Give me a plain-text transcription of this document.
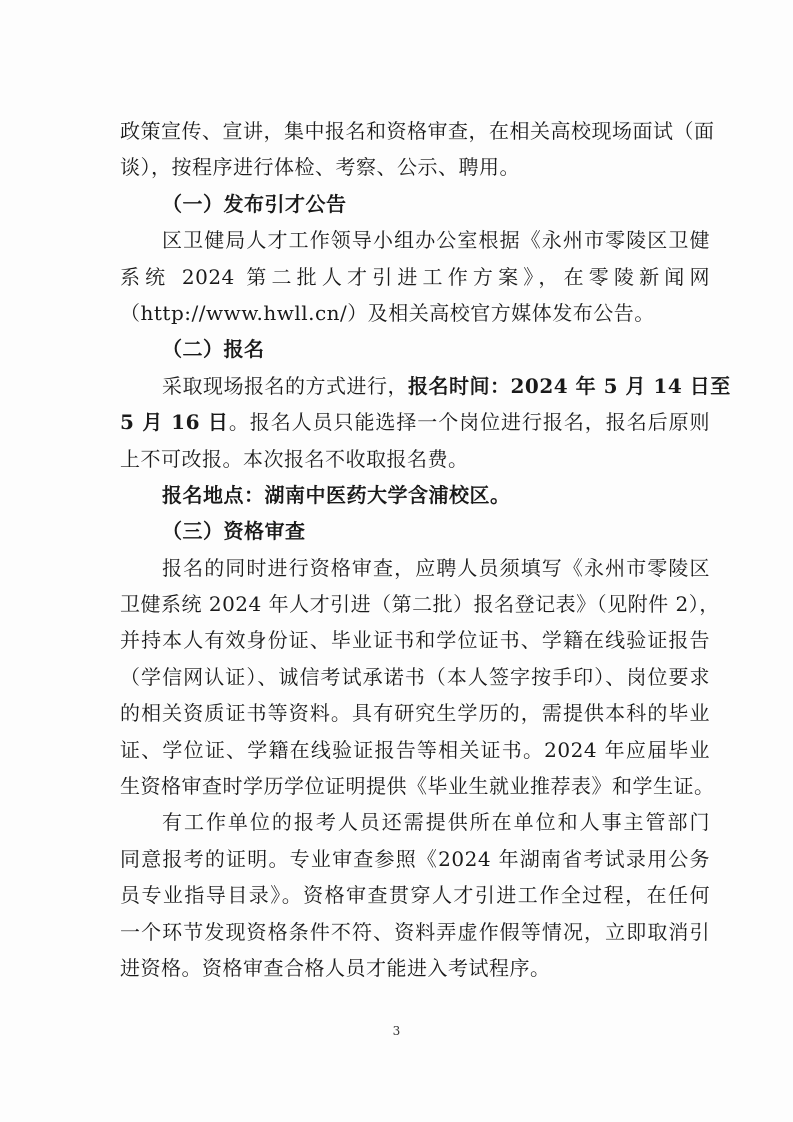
政策宣传、宣讲，集中报名和资格审查，在相关高校现场面试（面
谈），按程序进行体检、考察、公示、聘用。
（一）发布引才公告
区卫健局人才工作领导小组办公室根据《永州市零陵区卫健
系统 2024 第二批人才引进工作方案》，在零陵新闻网
（http://www.hwll.cn/）及相关高校官方媒体发布公告。
（二）报名
采取现场报名的方式进行，报名时间：2024 年 5 月 14 日至
5 月 16 日。报名人员只能选择一个岗位进行报名，报名后原则
上不可改报。本次报名不收取报名费。
报名地点：湖南中医药大学含浦校区。
（三）资格审查
报名的同时进行资格审查，应聘人员须填写《永州市零陵区
卫健系统 2024 年人才引进（第二批）报名登记表》（见附件 2），
并持本人有效身份证、毕业证书和学位证书、学籍在线验证报告
（学信网认证）、诚信考试承诺书（本人签字按手印）、岗位要求
的相关资质证书等资料。具有研究生学历的，需提供本科的毕业
证、学位证、学籍在线验证报告等相关证书。2024 年应届毕业
生资格审查时学历学位证明提供《毕业生就业推荐表》和学生证。
有工作单位的报考人员还需提供所在单位和人事主管部门
同意报考的证明。专业审查参照《2024 年湖南省考试录用公务
员专业指导目录》。资格审查贯穿人才引进工作全过程，在任何
一个环节发现资格条件不符、资料弄虚作假等情况，立即取消引
进资格。资格审查合格人员才能进入考试程序。
3
